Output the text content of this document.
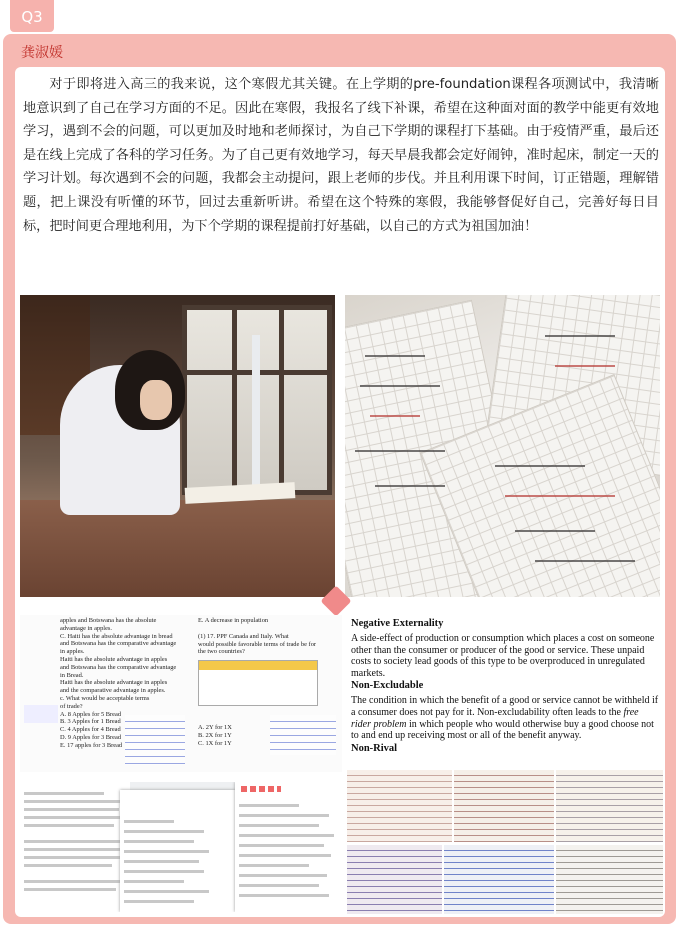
Q3
龚淑媛

对于即将进入高三的我来说，这个寒假尤其关键。在上学期的pre-foundation课程各项测试中，我清晰地意识到了自己在学习方面的不足。因此在寒假，我报名了线下补课，希望在这种面对面的教学中能更有效地学习，遇到不会的问题，可以更加及时地和老师探讨，为自己下学期的课程打下基础。由于疫情严重，最后还是在线上完成了各科的学习任务。为了自己更有效地学习，每天早晨我都会定好闹钟，准时起床，制定一天的学习计划。每次遇到不会的问题，我都会主动提问，跟上老师的步伐。并且利用课下时间，订正错题，理解错题，把上课没有听懂的环节，回过去重新听讲。希望在这个特殊的寒假，我能够督促好自己，完善好每日目标，把时间更合理地利用，为下个学期的课程提前打好基础，以自己的方式为祖国加油！

apples and Botswana has the absolute
advantage in apples.
C. Haiti has the absolute advantage in bread
and Botswana has the comparative advantage
in apples.
Haiti has the absolute advantage in apples
and Botswana has the comparative advantage
in Bread.
Haiti has the absolute advantage in apples
and the comparative advantage in apples.
c. What would be acceptable terms
of trade?
A. 8 Apples for 5 Bread
B. 3 Apples for 1 Bread
C. 4 Apples for 4 Bread
D. 9 Apples for 3 Bread
E. 17 apples for 3 Bread
E. A decrease in population
(1) 17. PPF Canada and Italy. What
would possible favorable terms of trade be for
the two countries?
A. 2Y for 1X
B. 2X for 1Y
C. 1X for 1Y
Negative Externality
A side-effect of production or consumption which places a cost on someone other than the consumer or producer of the good or service. These unpaid costs to society lead goods of this type to be overproduced in unregulated markets.
Non-Excludable
The condition in which the benefit of a good or service cannot be withheld if a consumer does not pay for it. Non-excludability often leads to the free rider problem in which people who would otherwise buy a good choose not to and end up receiving most or all of the benefit anyway.
Non-Rival
